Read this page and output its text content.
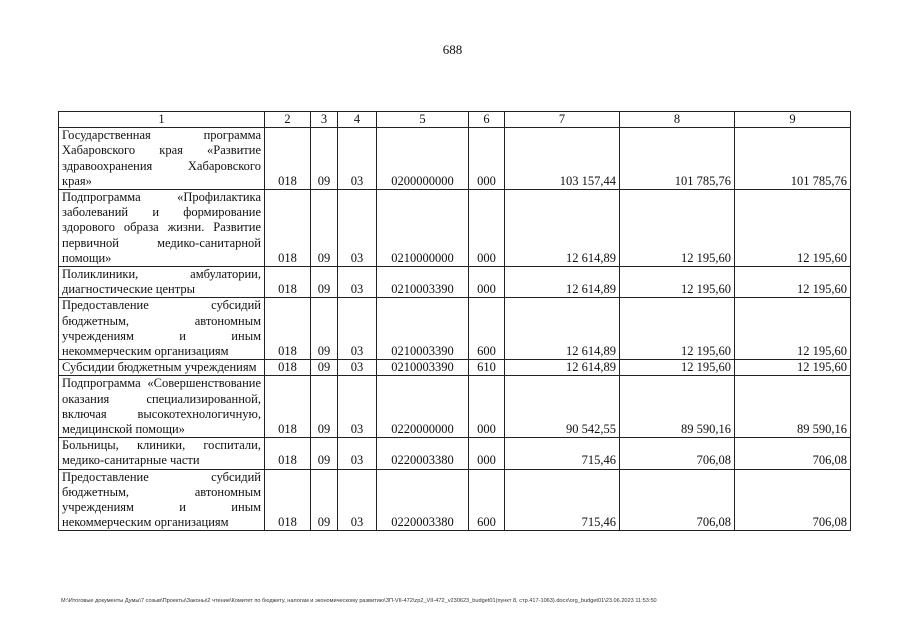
688
1	2	3	4	5	6	7	8	9
Государственная программа Хабаровского края «Развитие здравоохранения Хабаровского края»	018	09	03	0200000000	000	103 157,44	101 785,76	101 785,76
Подпрограмма «Профилактика заболеваний и формирование здорового образа жизни. Развитие первичной медико-санитарной помощи»	018	09	03	0210000000	000	12 614,89	12 195,60	12 195,60
Поликлиники, амбулатории, диагностические центры	018	09	03	0210003390	000	12 614,89	12 195,60	12 195,60
Предоставление субсидий бюджетным, автономным учреждениям и иным некоммерческим организациям	018	09	03	0210003390	600	12 614,89	12 195,60	12 195,60
Субсидии бюджетным учреждениям	018	09	03	0210003390	610	12 614,89	12 195,60	12 195,60
Подпрограмма «Совершенствование оказания специализированной, включая высокотехнологичную, медицинской помощи»	018	09	03	0220000000	000	90 542,55	89 590,16	89 590,16
Больницы, клиники, госпитали, медико-санитарные части	018	09	03	0220003380	000	715,46	706,08	706,08
Предоставление субсидий бюджетным, автономным учреждениям и иным некоммерческим организациям	018	09	03	0220003380	600	715,46	706,08	706,08
M:\Итоговые документы Думы\7 созыв\Проекты\Законы\2 чтение\Комитет по бюджету, налогам и экономическому развитию\ЗП-VII-472\zp2_VII-472_v230623_budget01(пункт 8, стр.417-1063).docx\org_budget01\23.06.2023 11:53:50
